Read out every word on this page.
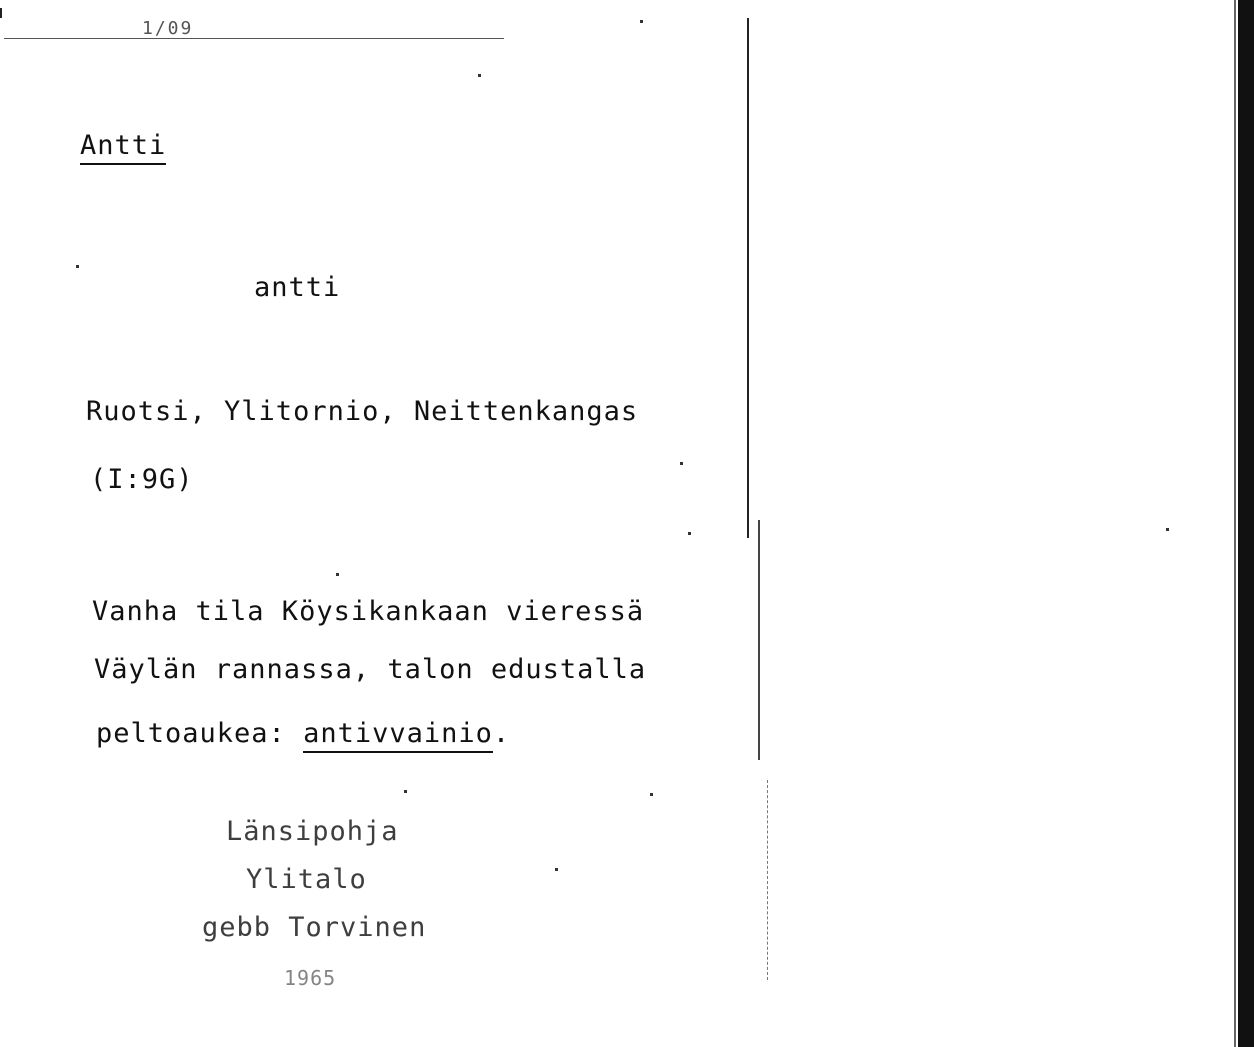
1/09
Antti
antti
Ruotsi, Ylitornio, Neittenkangas
(I:9G)
Vanha tila Köysikankaan vieressä
Väylän rannassa, talon edustalla
peltoaukea: antivvainio.
Länsipohja
Ylitalo
gebb Torvinen
1965
